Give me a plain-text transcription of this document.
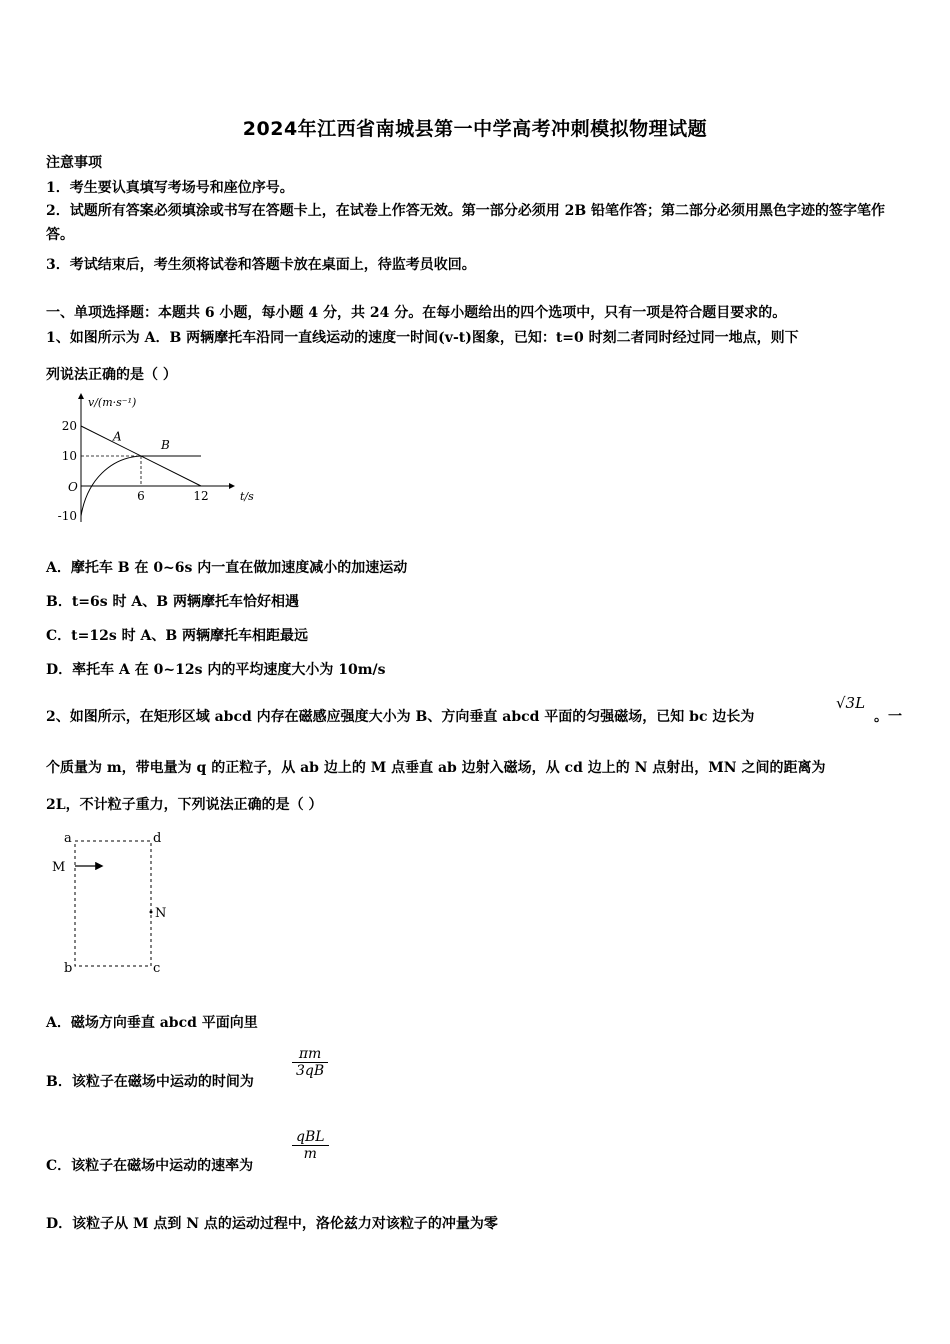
2024年江西省南城县第一中学高考冲刺模拟物理试题
注意事项
1．考生要认真填写考场号和座位序号。
2．试题所有答案必须填涂或书写在答题卡上，在试卷上作答无效。第一部分必须用 2B 铅笔作答；第二部分必须用黑色字迹的签字笔作答。
3．考试结束后，考生须将试卷和答题卡放在桌面上，待监考员收回。
一、单项选择题：本题共 6 小题，每小题 4 分，共 24 分。在每小题给出的四个选项中，只有一项是符合题目要求的。
1、如图所示为 A．B 两辆摩托车沿同一直线运动的速度一时间(v-t)图象，已知：t=0 时刻二者同时经过同一地点，则下
列说法正确的是（ ）
A
B
20
10
-10
6	12
v/(m·s⁻¹)
t/s
O
A．摩托车 B 在 0~6s 内一直在做加速度减小的加速运动
B．t=6s 时 A、B 两辆摩托车恰好相遇
C．t=12s 时 A、B 两辆摩托车相距最远
D．率托车 A 在 0~12s 内的平均速度大小为 10m/s
2、如图所示，在矩形区域 abcd 内存在磁感应强度大小为 B、方向垂直 abcd 平面的匀强磁场，已知 bc 边长为
√3L
。一
个质量为 m，带电量为 q 的正粒子，从 ab 边上的 M 点垂直 ab 边射入磁场，从 cd 边上的 N 点射出，MN 之间的距离为
2L，不计粒子重力，下列说法正确的是（ ）
a	d
b	c
M
N
A．磁场方向垂直 abcd 平面向里
B．该粒子在磁场中运动的时间为
$\frac{\pi m}{3qB}$
C．该粒子在磁场中运动的速率为
qBL
m
D．该粒子从 M 点到 N 点的运动过程中，洛伦兹力对该粒子的冲量为零
